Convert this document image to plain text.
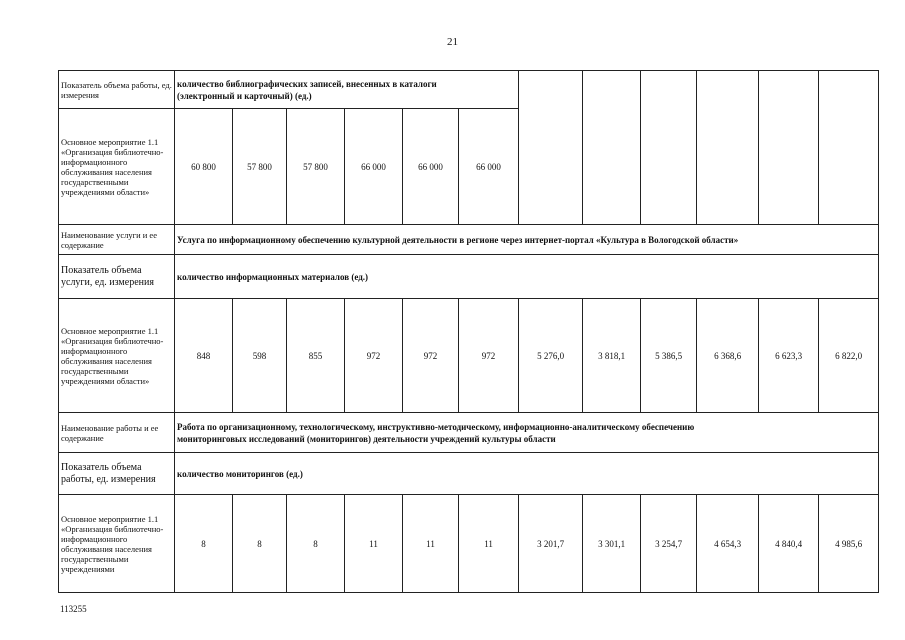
21
Показатель объема работы, ед. измерения	количество библиографических записей, внесенных в каталоги
(электронный и карточный) (ед.)											

Основное мероприятие 1.1 «Организация библиотечно-информационного обслуживания населения государственными учреждениями области»	60 800	57 800	57 800	66 000	66 000	66 000						
Наименование услуги и ее содержание	Услуга по информационному обеспечению культурной деятельности в регионе через интернет-портал «Культура в Вологодской области»											
Показатель объема услуги, ед. измерения	количество информационных материалов (ед.)											
Основное мероприятие 1.1 «Организация библиотечно-информационного обслуживания населения государственными учреждениями области»	848	598	855	972	972	972	5 276,0	3 818,1	5 386,5	6 368,6	6 623,3	6 822,0
Наименование работы и ее содержание	Работа по организационному, технологическому, инструктивно-методическому, информационно-аналитическому обеспечению
мониторинговых исследований (мониторингов) деятельности учреждений культуры области											

Показатель объема работы, ед. измерения	количество мониторингов (ед.)											
Основное мероприятие 1.1 «Организация библиотечно-информационного обслуживания населения государственными учреждениями	8	8	8	11	11	11	3 201,7	3 301,1	3 254,7	4 654,3	4 840,4	4 985,6
113255
